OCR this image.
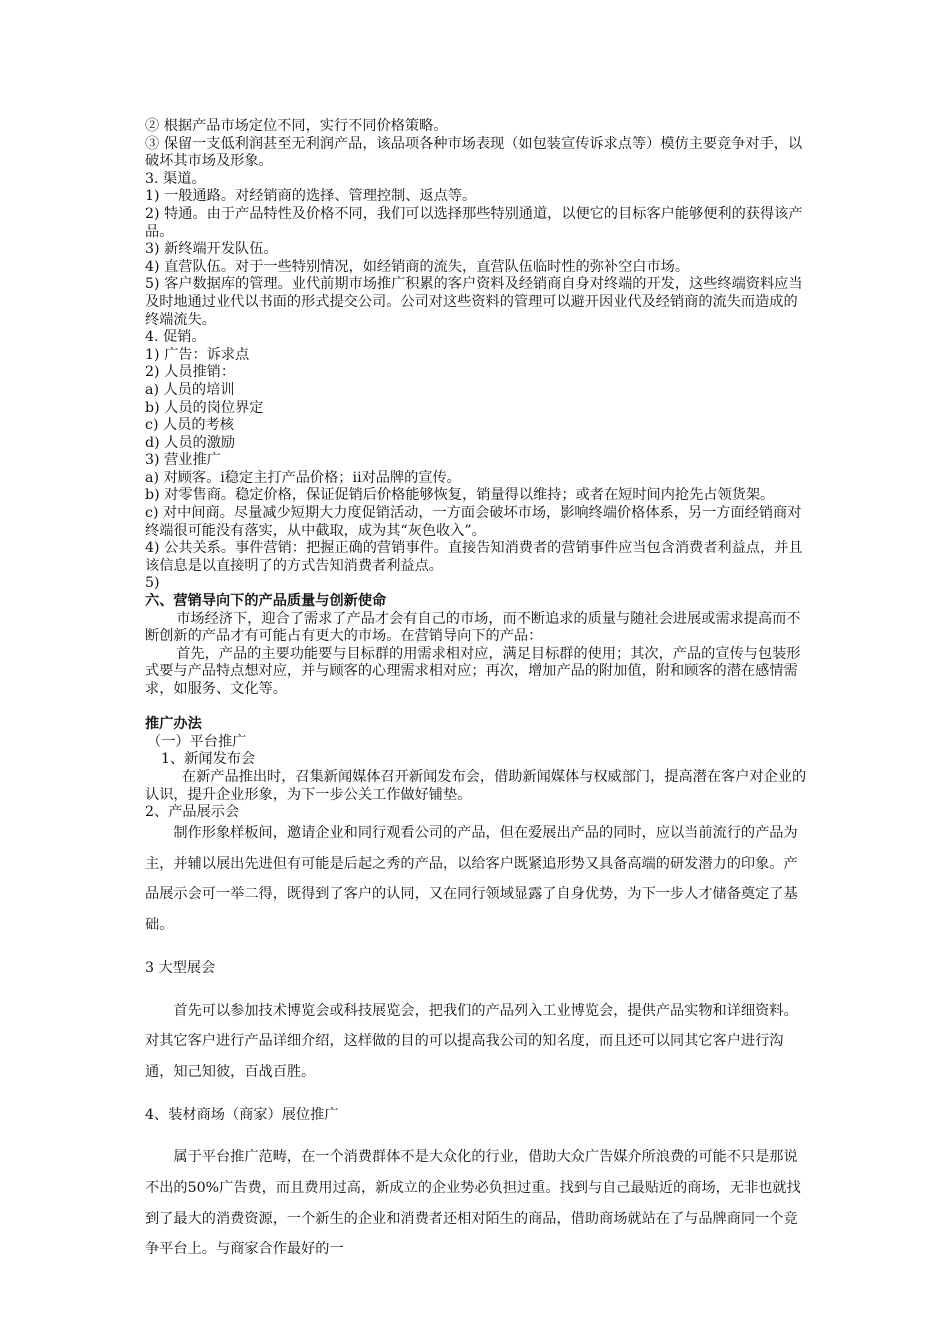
② 根据产品市场定位不同，实行不同价格策略。

③ 保留一支低利润甚至无利润产品，该品项各种市场表现（如包装宣传诉求点等）模仿主要竞争对手，以破坏其市场及形象。

3. 渠道。

1) 一般通路。对经销商的选择、管理控制、返点等。

2) 特通。由于产品特性及价格不同，我们可以选择那些特别通道，以便它的目标客户能够便利的获得该产品。

3) 新终端开发队伍。

4) 直营队伍。对于一些特别情况，如经销商的流失，直营队伍临时性的弥补空白市场。

5) 客户数据库的管理。业代前期市场推广积累的客户资料及经销商自身对终端的开发，这些终端资料应当及时地通过业代以书面的形式提交公司。公司对这些资料的管理可以避开因业代及经销商的流失而造成的终端流失。

4. 促销。

1) 广告：诉求点

2) 人员推销：

a) 人员的培训

b) 人员的岗位界定

c) 人员的考核

d) 人员的激励

3) 营业推广

a) 对顾客。ⅰ稳定主打产品价格；ⅱ对品牌的宣传。

b) 对零售商。稳定价格，保证促销后价格能够恢复，销量得以维持；或者在短时间内抢先占领货架。

c) 对中间商。尽量减少短期大力度促销活动，一方面会破坏市场，影响终端价格体系，另一方面经销商对终端很可能没有落实，从中截取，成为其“灰色收入”。

4) 公共关系。事件营销：把握正确的营销事件。直接告知消费者的营销事件应当包含消费者利益点，并且该信息是以直接明了的方式告知消费者利益点。

5)

六、营销导向下的产品质量与创新使命

市场经济下，迎合了需求了产品才会有自己的市场，而不断追求的质量与随社会进展或需求提高而不断创新的产品才有可能占有更大的市场。在营销导向下的产品：

首先，产品的主要功能要与目标群的用需求相对应，满足目标群的使用；其次，产品的宣传与包装形式要与产品特点想对应，并与顾客的心理需求相对应；再次，增加产品的附加值，附和顾客的潜在感情需求，如服务、文化等。

推广办法

（一）平台推广

1、新闻发布会

在新产品推出时，召集新闻媒体召开新闻发布会，借助新闻媒体与权威部门，提高潜在客户对企业的认识，提升企业形象，为下一步公关工作做好铺垫。

2、产品展示会

制作形象样板间，邀请企业和同行观看公司的产品，但在爱展出产品的同时，应以当前流行的产品为主，并辅以展出先进但有可能是后起之秀的产品，以给客户既紧追形势又具备高端的研发潜力的印象。产品展示会可一举二得，既得到了客户的认同，又在同行领域显露了自身优势，为下一步人才储备奠定了基础。

3 大型展会

首先可以参加技术博览会或科技展览会，把我们的产品列入工业博览会，提供产品实物和详细资料。对其它客户进行产品详细介绍，这样做的目的可以提高我公司的知名度，而且还可以同其它客户进行沟通，知己知彼，百战百胜。

4、装材商场（商家）展位推广

属于平台推广范畴，在一个消费群体不是大众化的行业，借助大众广告媒介所浪费的可能不只是那说不出的50%广告费，而且费用过高，新成立的企业势必负担过重。找到与自己最贴近的商场，无非也就找到了最大的消费资源，一个新生的企业和消费者还相对陌生的商品，借助商场就站在了与品牌商同一个竞争平台上。与商家合作最好的一
